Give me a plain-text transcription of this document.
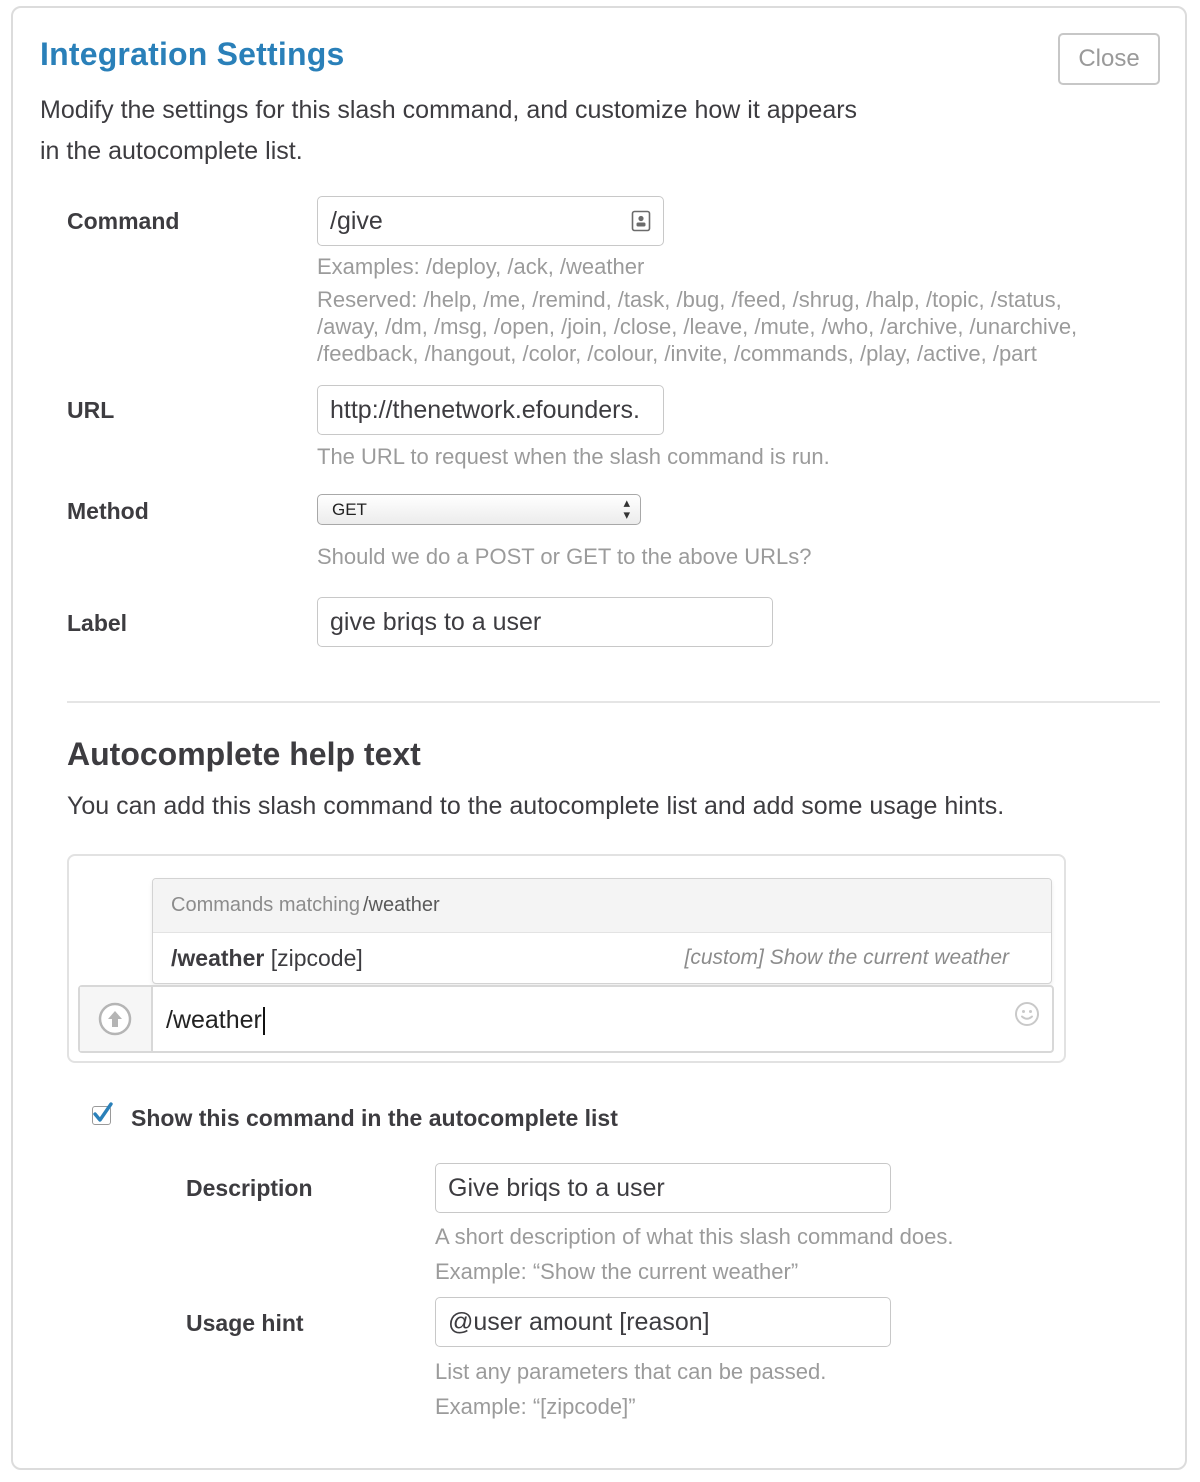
Integration Settings	Close

Modify the settings for this slash command, and customize how it appears in the autocomplete list.

Command	/give

Examples: /deploy, /ack, /weather

Reserved: /help, /me, /remind, /task, /bug, /feed, /shrug, /halp, /topic, /status,
/away, /dm, /msg, /open, /join, /close, /leave, /mute, /who, /archive, /unarchive,
/feedback, /hangout, /color, /colour, /invite, /commands, /play, /active, /part

URL	http://thenetwork.efounders.

The URL to request when the slash command is run.

Method	GET	▴
▾

Should we do a POST or GET to the above URLs?

Label	give briqs to a user
Autocomplete help text

You can add this slash command to the autocomplete list and add some usage hints.

Commands matching /weather
/weather [zipcode]	[custom] Show the current weather
/weather
Show this command in the autocomplete list
Description	Give briqs to a user

A short description of what this slash command does.
Example: “Show the current weather”

Usage hint	@user amount [reason]

List any parameters that can be passed.
Example: “[zipcode]”
